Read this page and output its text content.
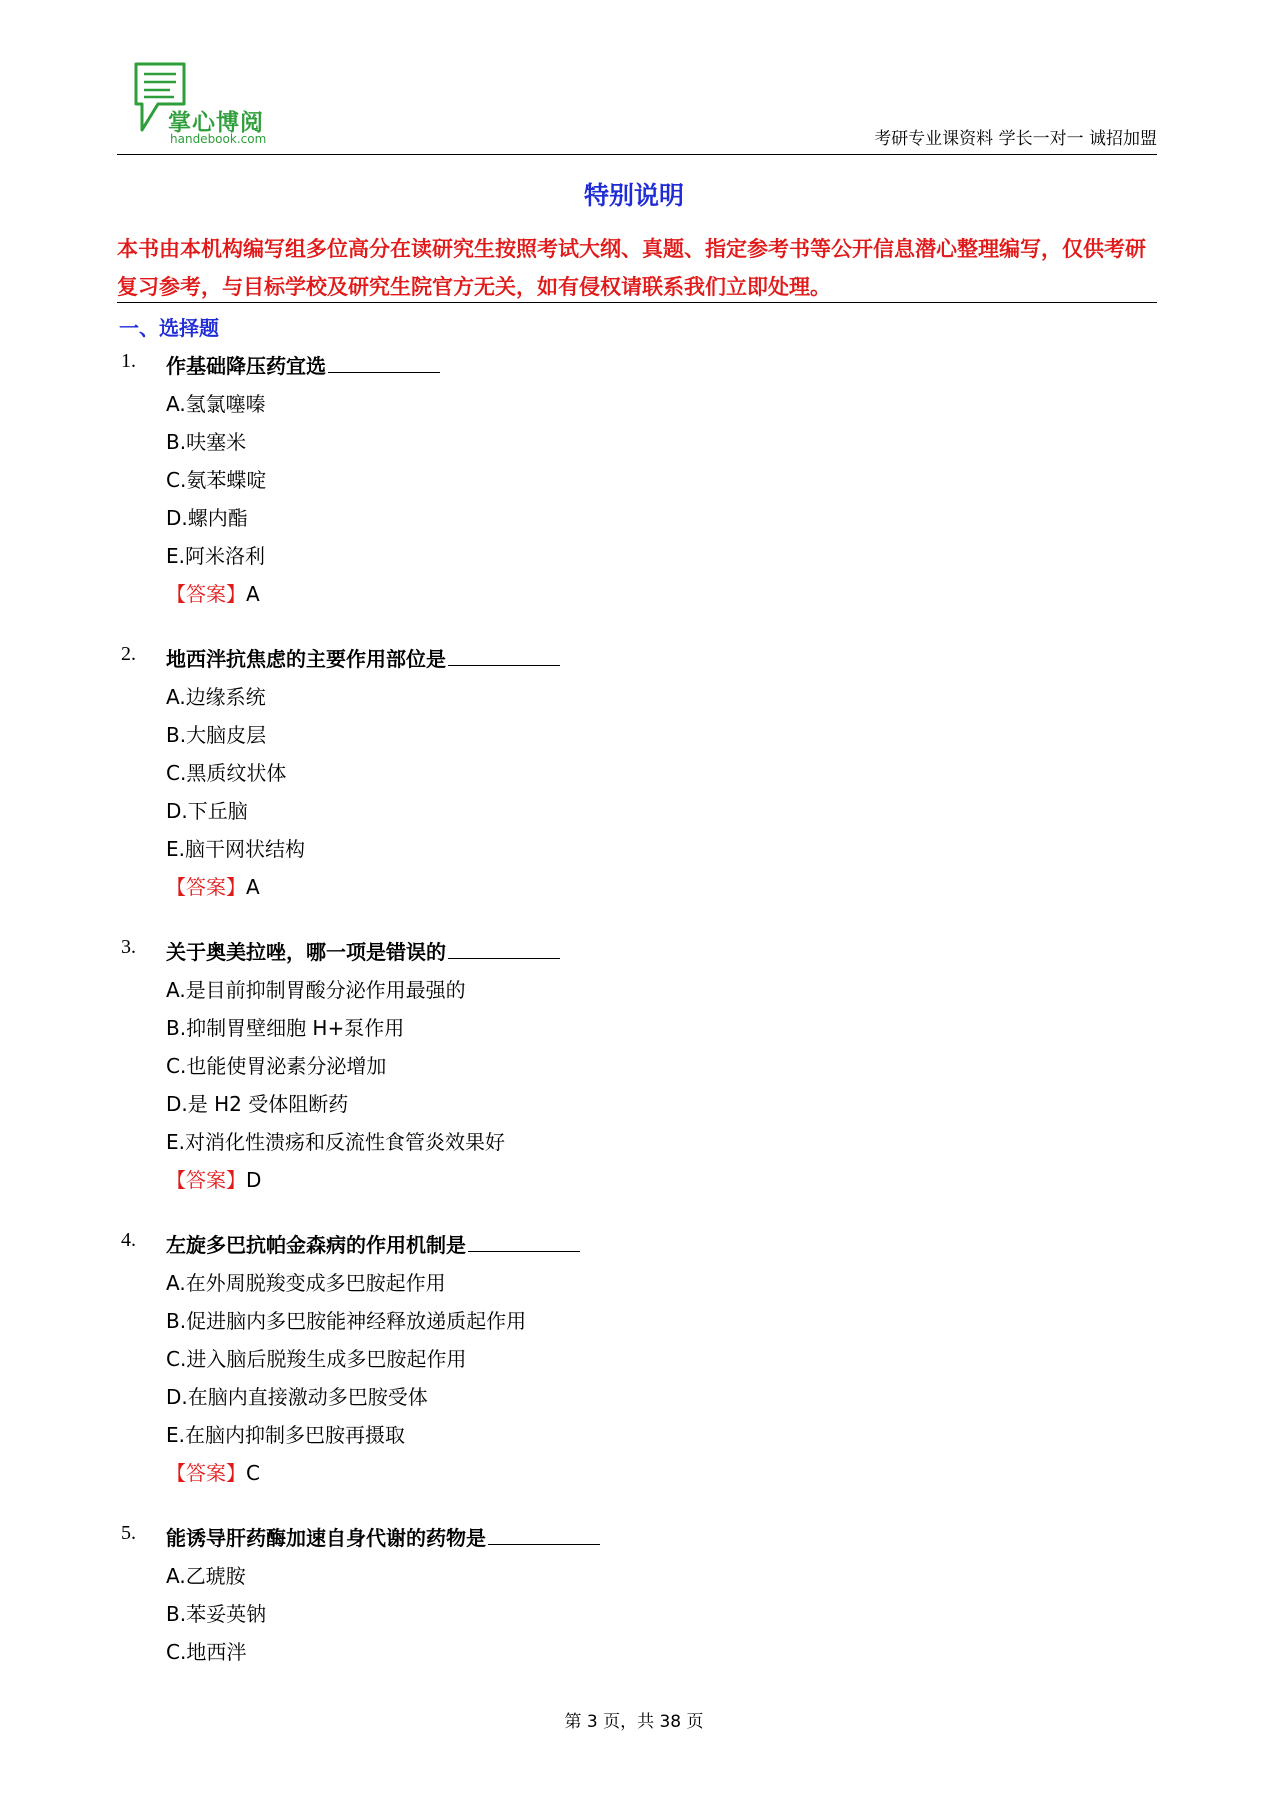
掌心博阅
handebook.com	考研专业课资料 学长一对一 诚招加盟
特别说明

本书由本机构编写组多位高分在读研究生按照考试大纲、真题、指定参考书等公开信息潜心整理编写，仅供考研复习参考，与目标学校及研究生院官方无关，如有侵权请联系我们立即处理。

一、选择题
1. 作基础降压药宜选
A.氢氯噻嗪
B.呋塞米
C.氨苯蝶啶
D.螺内酯
E.阿米洛利
【答案】A
2. 地西泮抗焦虑的主要作用部位是
A.边缘系统
B.大脑皮层
C.黑质纹状体
D.下丘脑
E.脑干网状结构
【答案】A
3. 关于奥美拉唑，哪一项是错误的
A.是目前抑制胃酸分泌作用最强的
B.抑制胃壁细胞 H+泵作用
C.也能使胃泌素分泌增加
D.是 H2 受体阻断药
E.对消化性溃疡和反流性食管炎效果好
【答案】D
4. 左旋多巴抗帕金森病的作用机制是
A.在外周脱羧变成多巴胺起作用
B.促进脑内多巴胺能神经释放递质起作用
C.进入脑后脱羧生成多巴胺起作用
D.在脑内直接激动多巴胺受体
E.在脑内抑制多巴胺再摄取
【答案】C
5. 能诱导肝药酶加速自身代谢的药物是
A.乙琥胺
B.苯妥英钠
C.地西泮
第 3 页，共 38 页
